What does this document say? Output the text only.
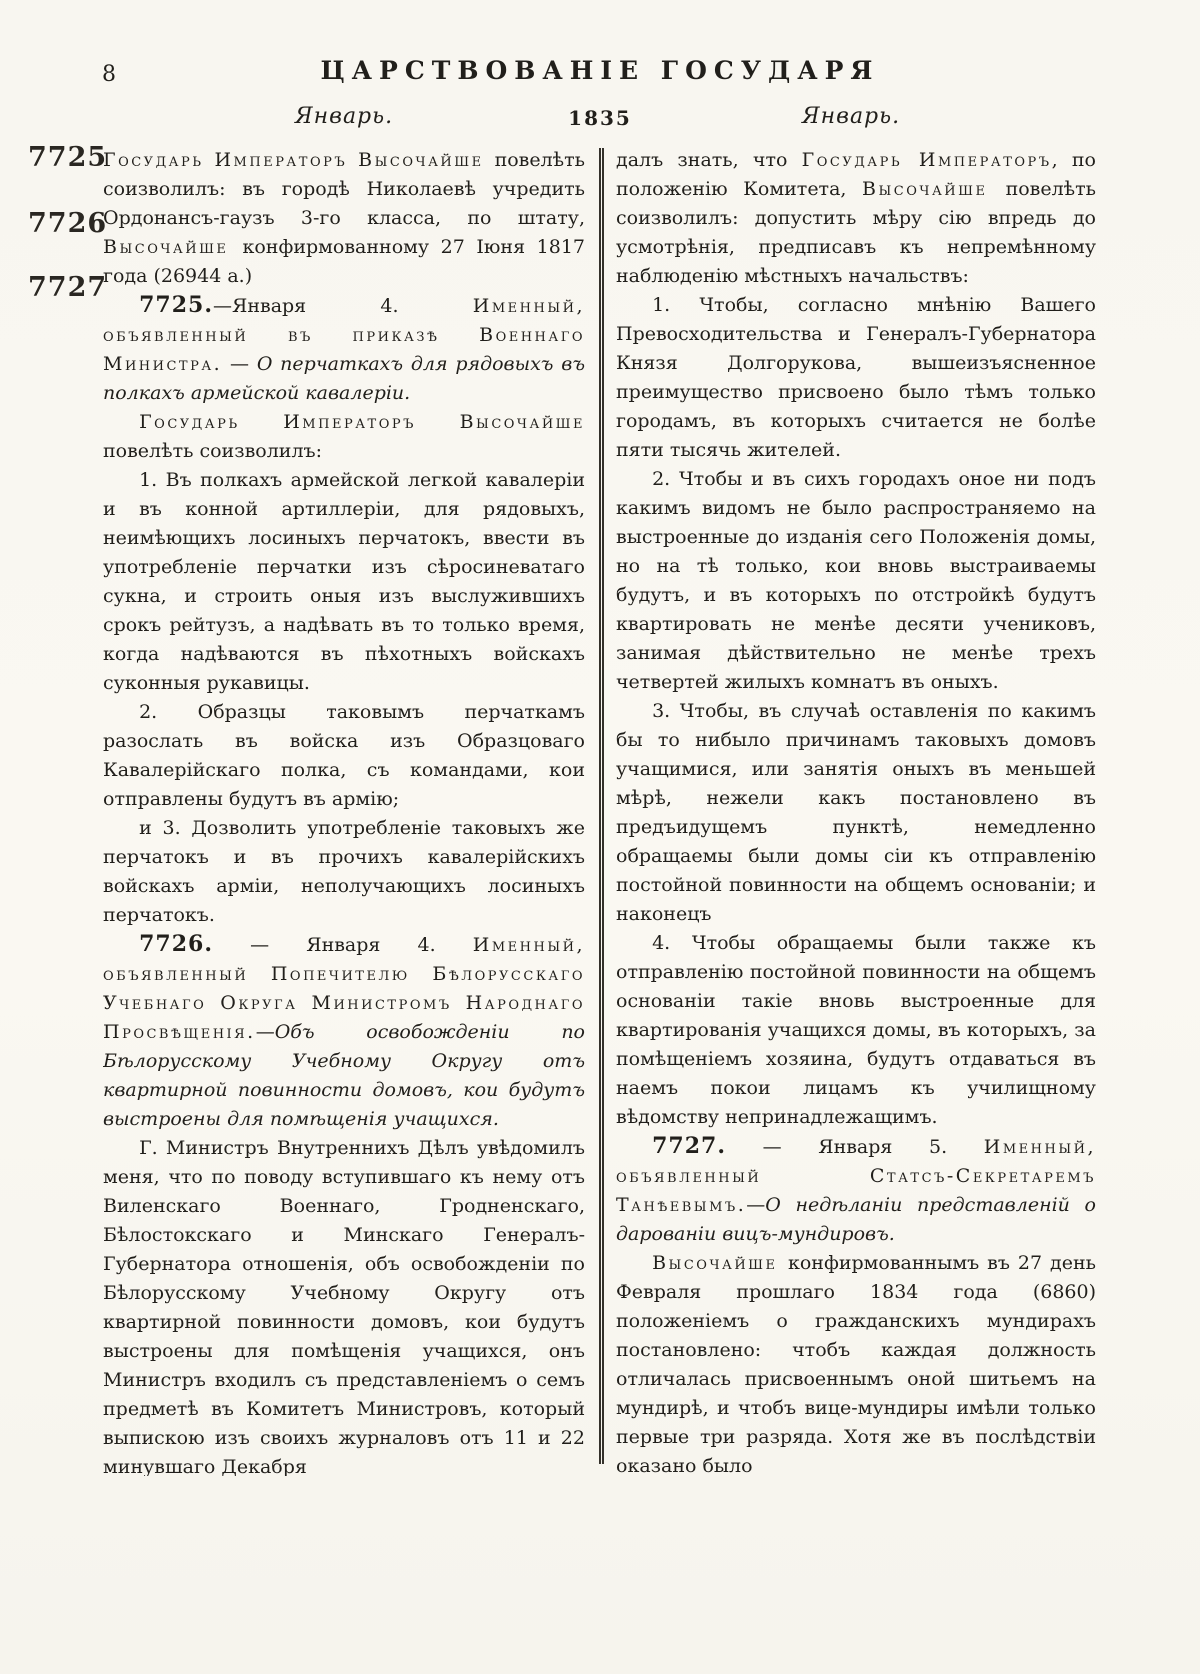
8	ЦАРСТВОВАНІЕ ГОСУДАРЯ
Январь.	1835	Январь.
7725
7726
7727

Государь Императоръ Высочайше повелѣть соизволилъ: въ городѣ Николаевѣ учредить Ордонансъ-гаузъ 3-го класса, по штату, Высочайше конфирмованному 27 Іюня 1817 года (26944 а.)

7725.—Января 4. Именный, объявленный въ приказѣ Военнаго Министра. — О перчаткахъ для рядовыхъ въ полкахъ армейской кавалеріи.

Государь Императоръ Высочайше повелѣть соизволилъ:

1. Въ полкахъ армейской легкой кавалеріи и въ конной артиллеріи, для рядовыхъ, неимѣющихъ лосиныхъ перчатокъ, ввести въ употребленіе перчатки изъ сѣросиневатаго сукна, и строить оныя изъ выслужившихъ срокъ рейтузъ, а надѣвать въ то только время, когда надѣваются въ пѣхотныхъ войскахъ суконныя рукавицы.

2. Образцы таковымъ перчаткамъ разослать въ войска изъ Образцоваго Кавалерійскаго полка, съ командами, кои отправлены будутъ въ армію;

и 3. Дозволить употребленіе таковыхъ же перчатокъ и въ прочихъ кавалерійскихъ войскахъ арміи, неполучающихъ лосиныхъ перчатокъ.

7726. — Января 4. Именный, объявленный Попечителю Бѣлорусскаго Учебнаго Округа Министромъ Народнаго Просвѣщенія.—Объ освобожденіи по Бѣлорусскому Учебному Округу отъ квартирной повинности домовъ, кои будутъ выстроены для помѣщенія учащихся.

Г. Министръ Внутреннихъ Дѣлъ увѣдомилъ меня, что по поводу вступившаго къ нему отъ Виленскаго Военнаго, Гродненскаго, Бѣлостокскаго и Минскаго Генералъ-Губернатора отношенія, объ освобожденіи по Бѣлорусскому Учебному Округу отъ квартирной повинности домовъ, кои будутъ выстроены для помѣщенія учащихся, онъ Министръ входилъ съ представленіемъ о семъ предметѣ въ Комитетъ Министровъ, который выпискою изъ своихъ журналовъ отъ 11 и 22 минувшаго Декабря

далъ знать, что Государь Императоръ, по положенію Комитета, Высочайше повелѣть соизволилъ: допустить мѣру сію впредь до усмотрѣнія, предписавъ къ непремѣнному наблюденію мѣстныхъ начальствъ:

1. Чтобы, согласно мнѣнію Вашего Превосходительства и Генералъ-Губернатора Князя Долгорукова, вышеизъясненное преимущество присвоено было тѣмъ только городамъ, въ которыхъ считается не болѣе пяти тысячь жителей.

2. Чтобы и въ сихъ городахъ оное ни подъ какимъ видомъ не было распространяемо на выстроенные до изданія сего Положенія домы, но на тѣ только, кои вновь выстраиваемы будутъ, и въ которыхъ по отстройкѣ будутъ квартировать не менѣе десяти учениковъ, занимая дѣйствительно не менѣе трехъ четвертей жилыхъ комнатъ въ оныхъ.

3. Чтобы, въ случаѣ оставленія по какимъ бы то нибыло причинамъ таковыхъ домовъ учащимися, или занятія оныхъ въ меньшей мѣрѣ, нежели какъ постановлено въ предъидущемъ пунктѣ, немедленно обращаемы были домы сіи къ отправленію постойной повинности на общемъ основаніи; и наконецъ

4. Чтобы обращаемы были также къ отправленію постойной повинности на общемъ основаніи такіе вновь выстроенные для квартированія учащихся домы, въ которыхъ, за помѣщеніемъ хозяина, будутъ отдаваться въ наемъ покои лицамъ къ училищному вѣдомству непринадлежащимъ.

7727. — Января 5. Именный, объявленный Статсъ-Секретаремъ Танѣевымъ.—О недѣланіи представленій о дарованіи вицъ-мундировъ.

Высочайше конфирмованнымъ въ 27 день Февраля прошлаго 1834 года (6860) положеніемъ о гражданскихъ мундирахъ постановлено: чтобъ каждая должность отличалась присвоеннымъ оной шитьемъ на мундирѣ, и чтобъ вице-мундиры имѣли только первые три разряда. Хотя же въ послѣдствіи оказано было
